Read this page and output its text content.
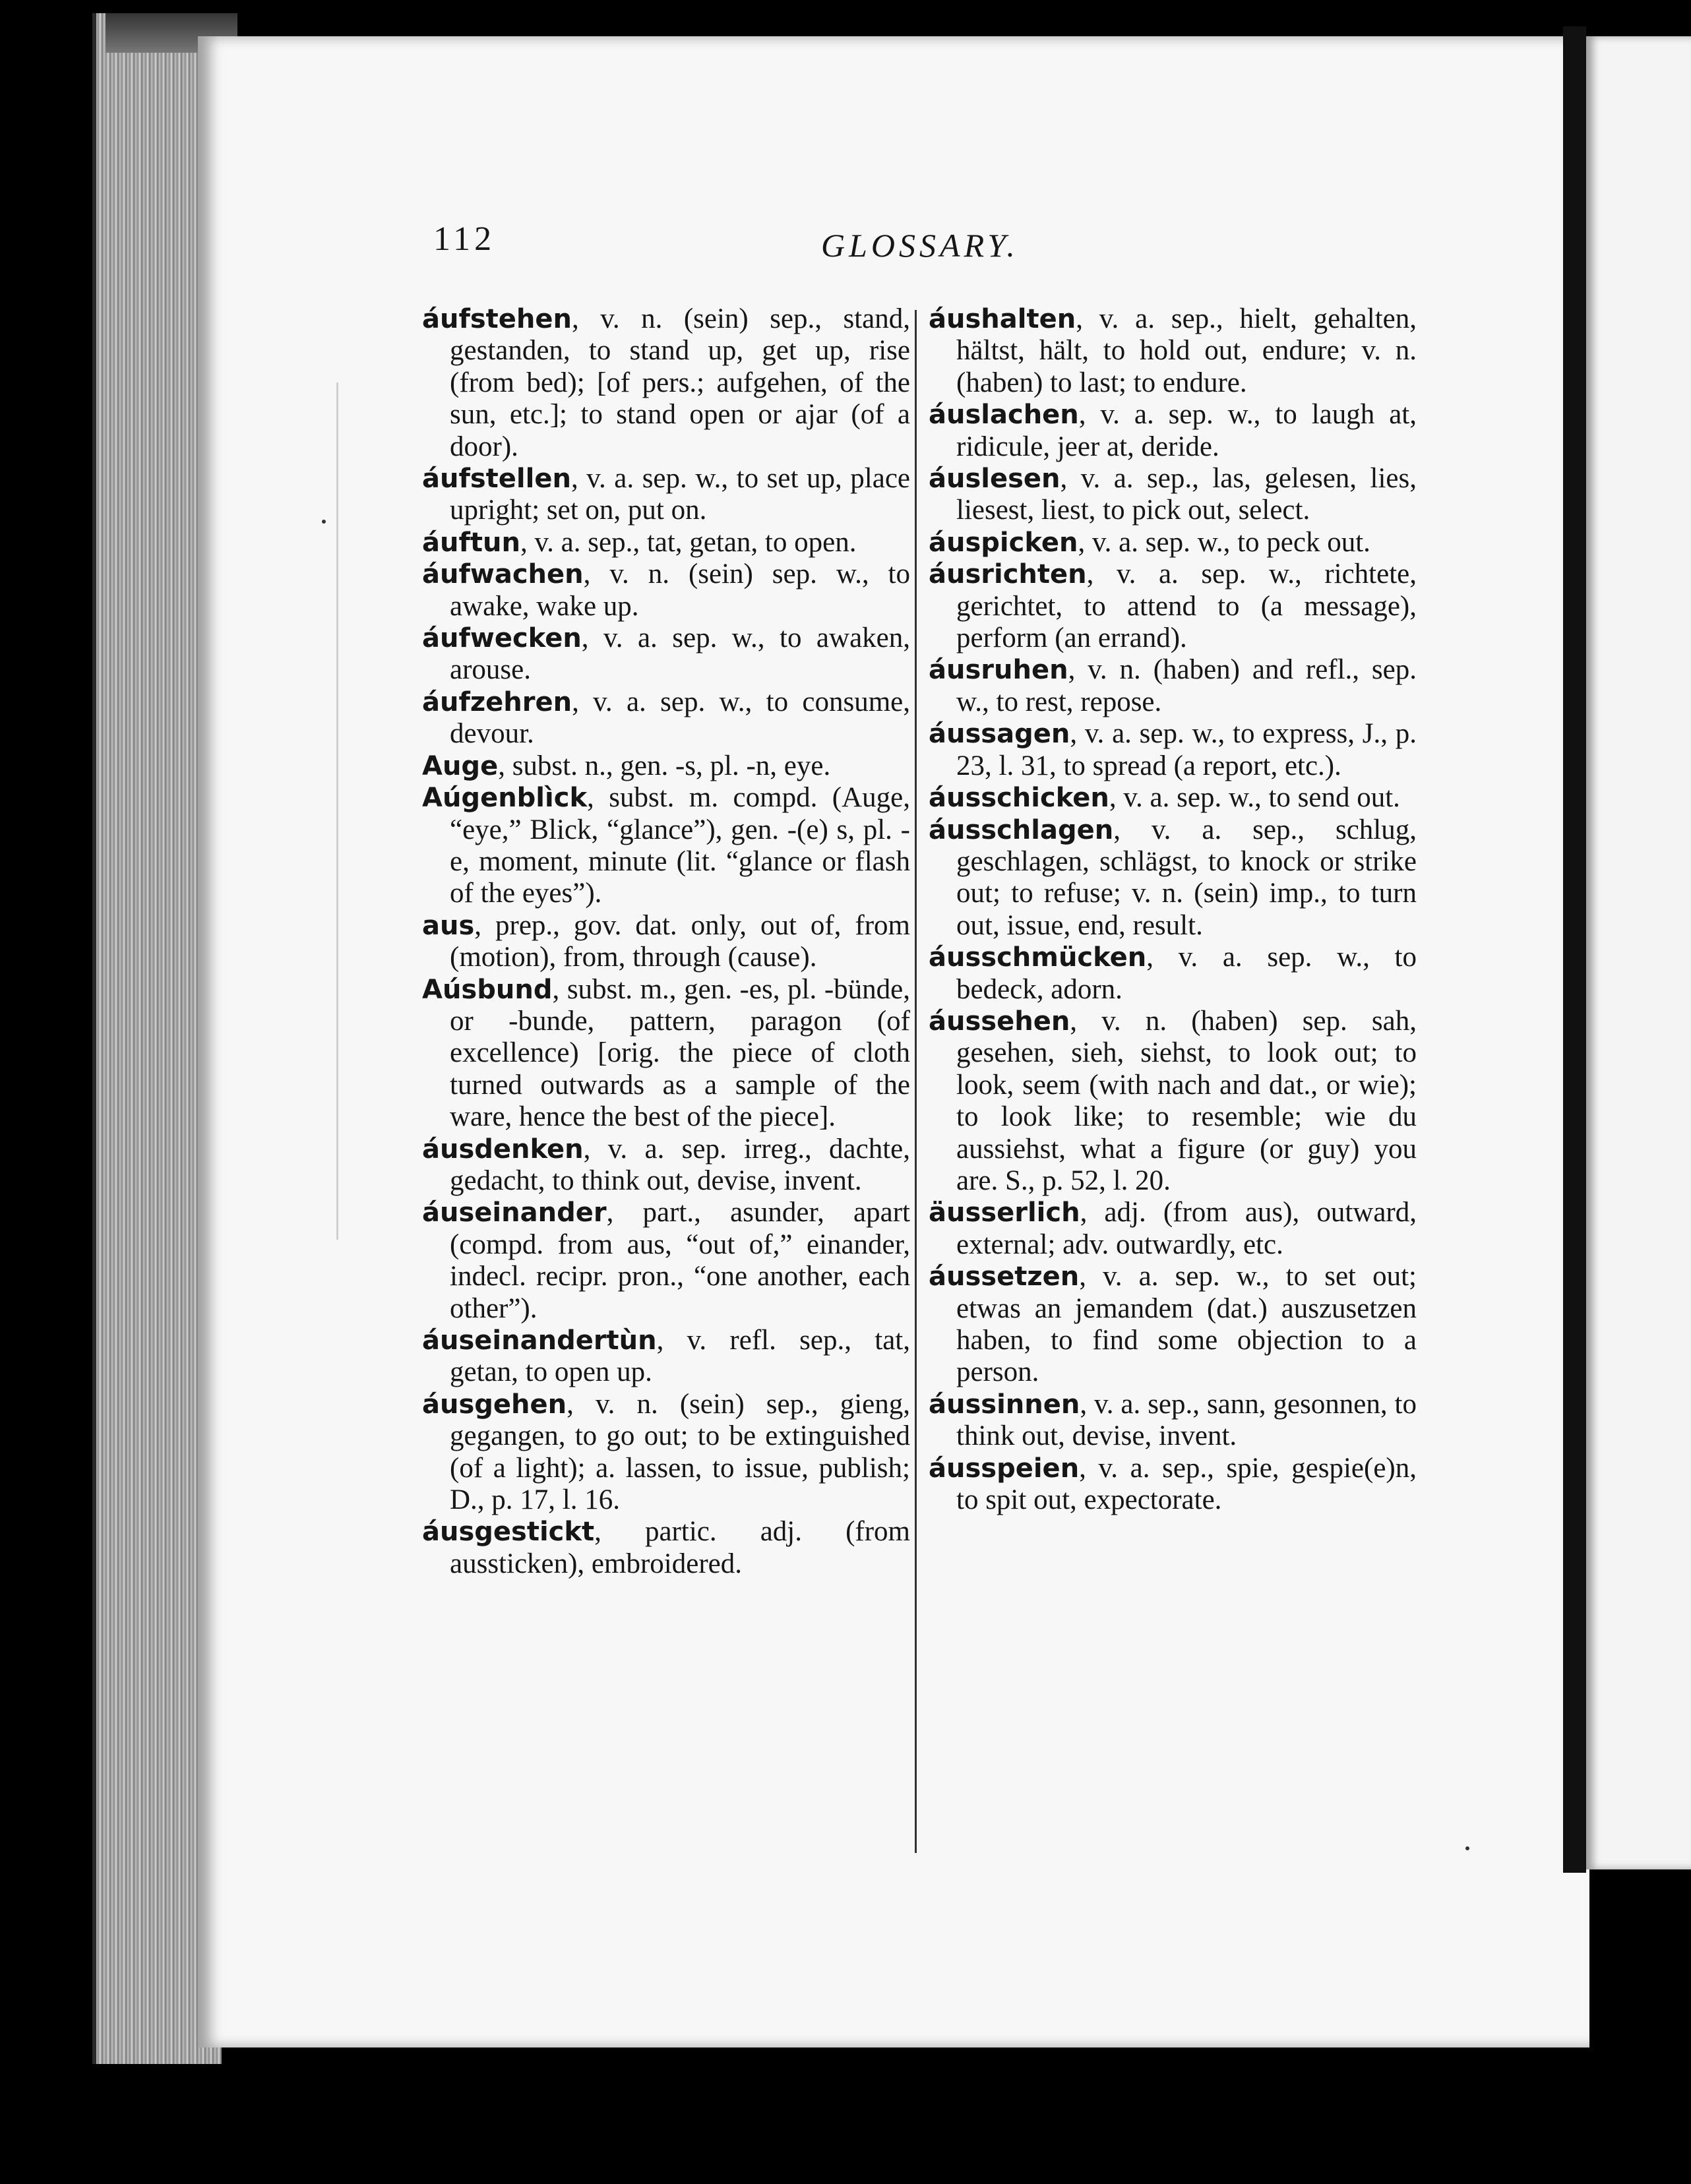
112	GLOSSARY.

áufstehen, v. n. (sein) sep., stand, gestanden, to stand up, get up, rise (from bed); [of pers.; aufgehen, of the sun, etc.]; to stand open or ajar (of a door).

áufstellen, v. a. sep. w., to set up, place upright; set on, put on.

áuftun, v. a. sep., tat, getan, to open.

áufwachen, v. n. (sein) sep. w., to awake, wake up.

áufwecken, v. a. sep. w., to awaken, arouse.

áufzehren, v. a. sep. w., to consume, devour.

Auge, subst. n., gen. -s, pl. -n, eye.

Aúgenblìck, subst. m. compd. (Auge, “eye,” Blick, “glance”), gen. -(e) s, pl. -e, moment, minute (lit. “glance or flash of the eyes”).

aus, prep., gov. dat. only, out of, from (motion), from, through (cause).

Aúsbund, subst. m., gen. -es, pl. -bünde, or -bunde, pattern, paragon (of excellence) [orig. the piece of cloth turned outwards as a sample of the ware, hence the best of the piece].

áusdenken, v. a. sep. irreg., dachte, gedacht, to think out, devise, invent.

áuseinander, part., asunder, apart (compd. from aus, “out of,” einander, indecl. recipr. pron., “one another, each other”).

áuseinandertùn, v. refl. sep., tat, getan, to open up.

áusgehen, v. n. (sein) sep., gieng, gegangen, to go out; to be extinguished (of a light); a. lassen, to issue, publish; D., p. 17, l. 16.

áusgestickt, partic. adj. (from aussticken), embroidered.

áushalten, v. a. sep., hielt, gehalten, hältst, hält, to hold out, endure; v. n. (haben) to last; to endure.

áuslachen, v. a. sep. w., to laugh at, ridicule, jeer at, deride.

áuslesen, v. a. sep., las, gelesen, lies, liesest, liest, to pick out, select.

áuspicken, v. a. sep. w., to peck out.

áusrichten, v. a. sep. w., richtete, gerichtet, to attend to (a message), perform (an errand).

áusruhen, v. n. (haben) and refl., sep. w., to rest, repose.

áussagen, v. a. sep. w., to express, J., p. 23, l. 31, to spread (a report, etc.).

áusschicken, v. a. sep. w., to send out.

áusschlagen, v. a. sep., schlug, geschlagen, schlägst, to knock or strike out; to refuse; v. n. (sein) imp., to turn out, issue, end, result.

áusschmücken, v. a. sep. w., to bedeck, adorn.

áussehen, v. n. (haben) sep. sah, gesehen, sieh, siehst, to look out; to look, seem (with nach and dat., or wie); to look like; to resemble; wie du aussiehst, what a figure (or guy) you are. S., p. 52, l. 20.

äusserlich, adj. (from aus), outward, external; adv. outwardly, etc.

áussetzen, v. a. sep. w., to set out; etwas an jemandem (dat.) auszusetzen haben, to find some objection to a person.

áussinnen, v. a. sep., sann, gesonnen, to think out, devise, invent.

áusspeien, v. a. sep., spie, gespie(e)n, to spit out, expectorate.
